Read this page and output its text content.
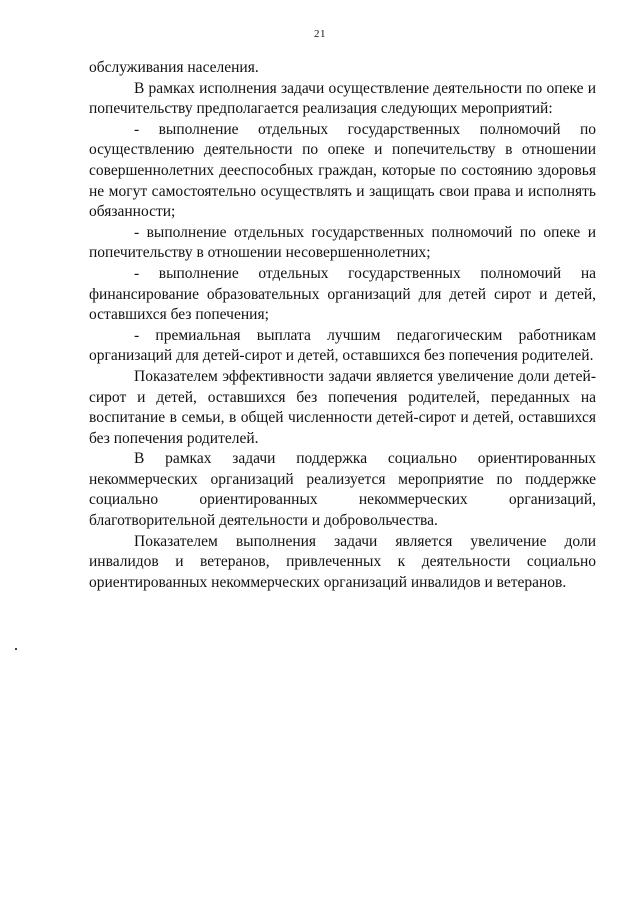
21

обслуживания населения.

В рамках исполнения задачи осуществление деятельности по опеке и попечительству предполагается реализация следующих мероприятий:

- выполнение отдельных государственных полномочий по осуществлению деятельности по опеке и попечительству в отношении совершеннолетних дееспособных граждан, которые по состоянию здоровья не могут самостоятельно осуществлять и защищать свои права и исполнять обязанности;

- выполнение отдельных государственных полномочий по опеке и попечительству в отношении несовершеннолетних;

- выполнение отдельных государственных полномочий на финансирование образовательных организаций для детей сирот и детей, оставшихся без попечения;

- премиальная выплата лучшим педагогическим работникам организаций для детей-сирот и детей, оставшихся без попечения родителей.

Показателем эффективности задачи является увеличение доли детей-сирот и детей, оставшихся без попечения родителей, переданных на воспитание в семьи, в общей численности детей-сирот и детей, оставшихся без попечения родителей.

В рамках задачи поддержка социально ориентированных некоммерческих организаций реализуется мероприятие по поддержке социально ориентированных некоммерческих организаций, благотворительной деятельности и добровольчества.

Показателем выполнения задачи является увеличение доли инвалидов и ветеранов, привлеченных к деятельности социально ориентированных некоммерческих организаций инвалидов и ветеранов.
